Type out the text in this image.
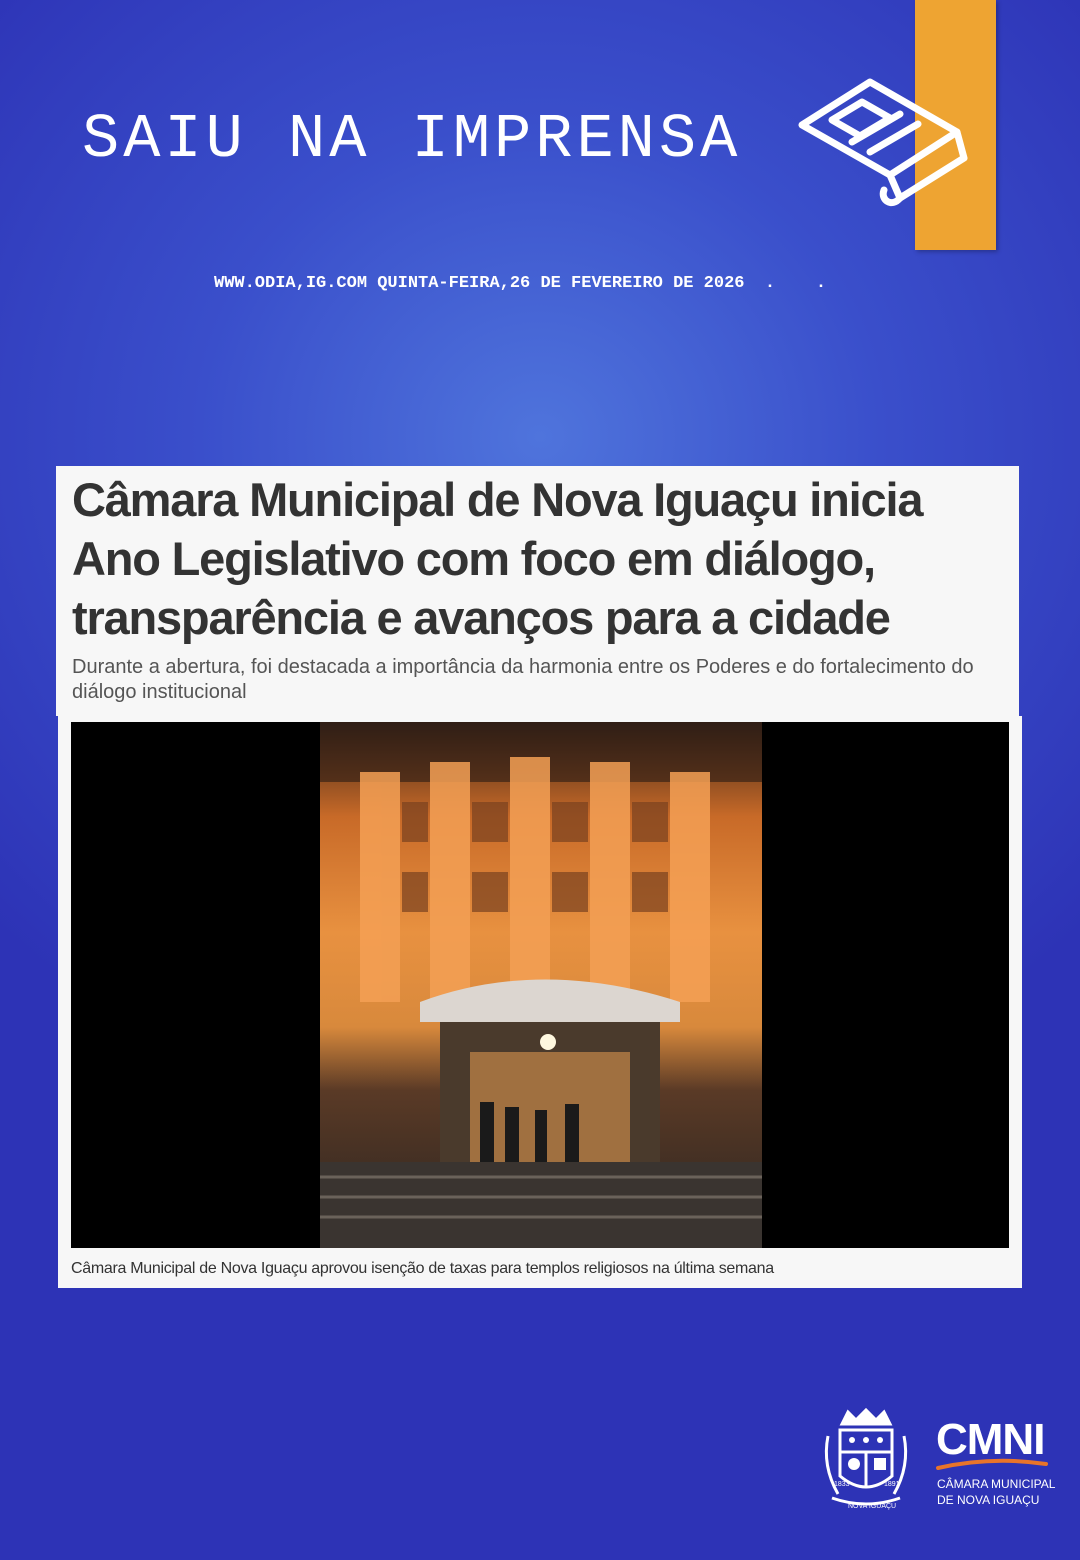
SAIU NA IMPRENSA

WWW.ODIA,IG.COM QUINTA-FEIRA,26 DE FEVEREIRO DE 2026  .    .

Câmara Municipal de Nova Iguaçu inicia Ano Legislativo com foco em diálogo, transparência e avanços para a cidade

Durante a abertura, foi destacada a importância da harmonia entre os Poderes e do fortalecimento do diálogo institucional

Câmara Municipal de Nova Iguaçu aprovou isenção de taxas para templos religiosos na última semana

1833	1891
NOVA IGUAÇU

CMNI

CÂMARA MUNICIPAL DE NOVA IGUAÇU
